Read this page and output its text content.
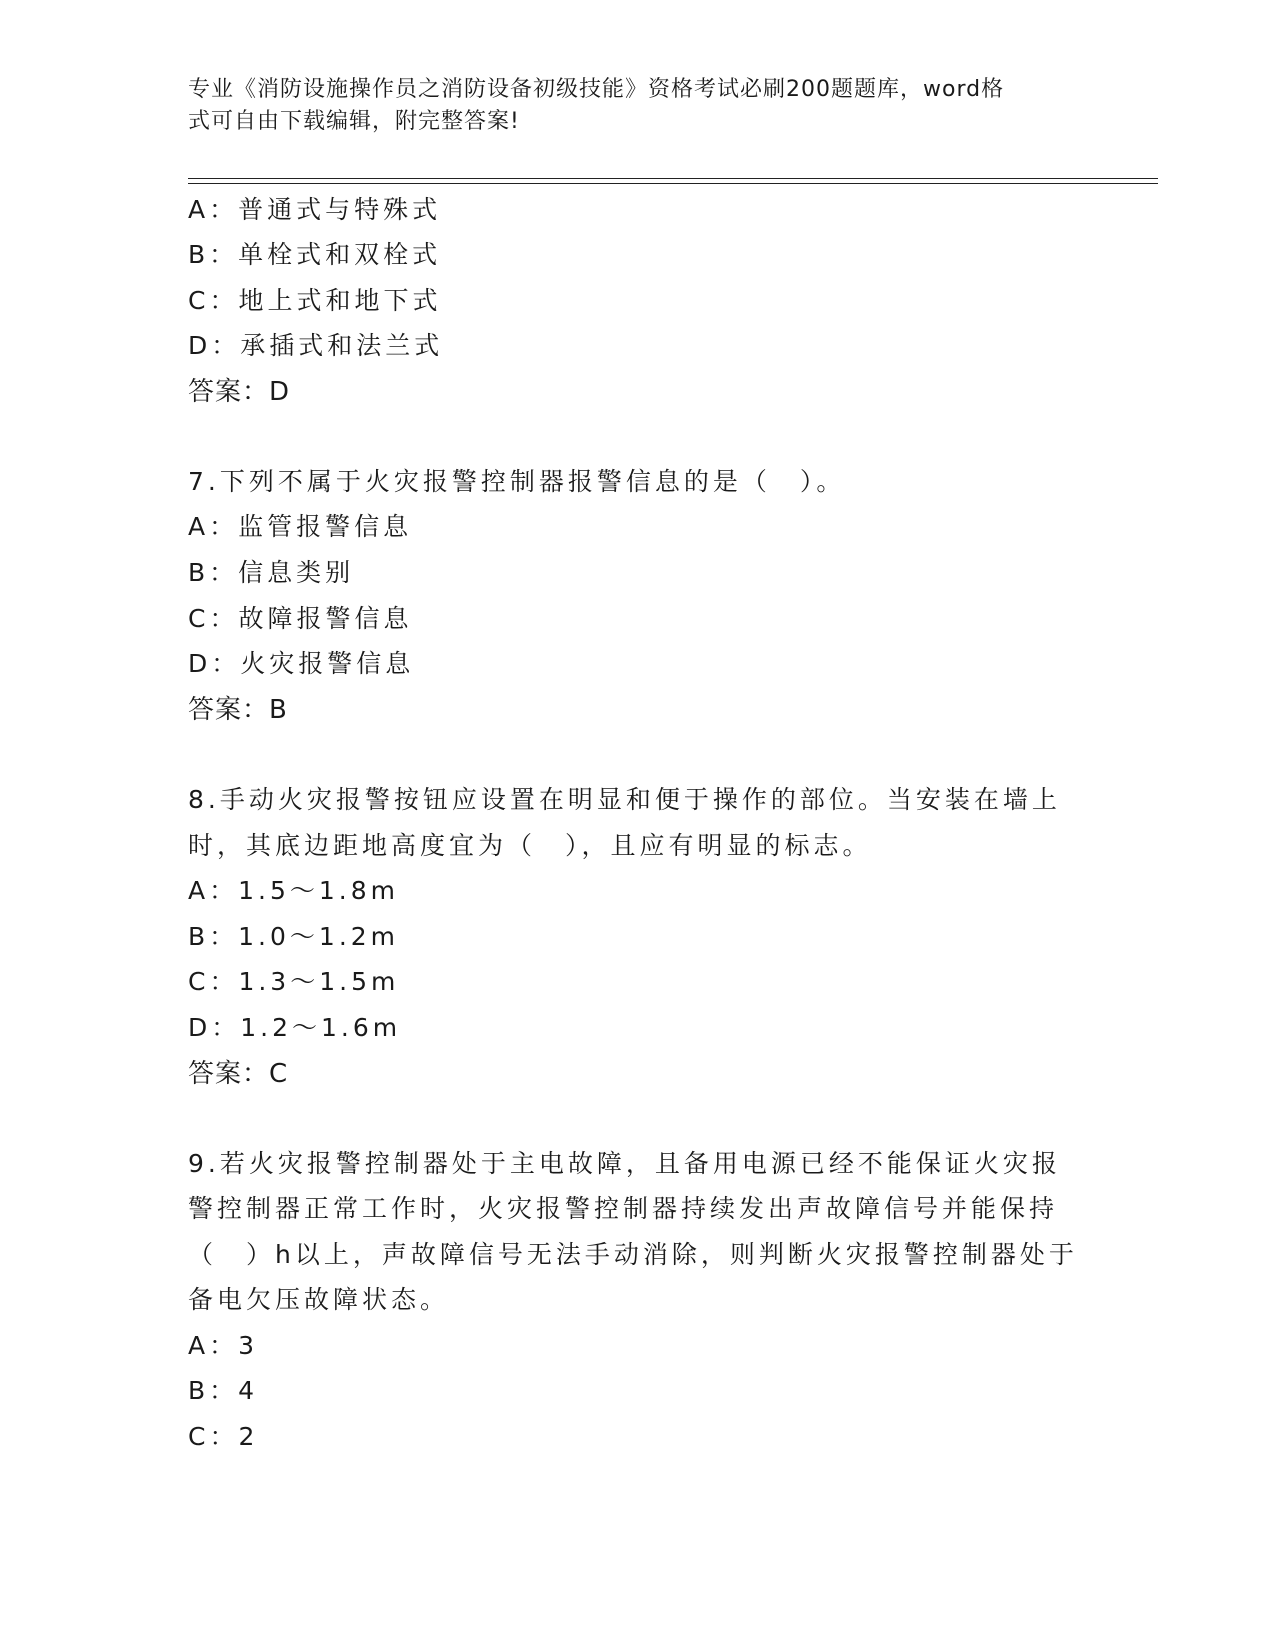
专业《消防设施操作员之消防设备初级技能》资格考试必刷200题题库，word格
式可自由下载编辑，附完整答案!
A：普通式与特殊式
B：单栓式和双栓式
C：地上式和地下式
D：承插式和法兰式
答案：D
7.下列不属于火灾报警控制器报警信息的是（　）。
A：监管报警信息
B：信息类别
C：故障报警信息
D：火灾报警信息
答案：B
8.手动火灾报警按钮应设置在明显和便于操作的部位。当安装在墙上
时，其底边距地高度宜为（　），且应有明显的标志。
A：1.5～1.8m
B：1.0～1.2m
C：1.3～1.5m
D：1.2～1.6m
答案：C
9.若火灾报警控制器处于主电故障，且备用电源已经不能保证火灾报
警控制器正常工作时，火灾报警控制器持续发出声故障信号并能保持
（　）h以上，声故障信号无法手动消除，则判断火灾报警控制器处于
备电欠压故障状态。
A：3
B：4
C：2
